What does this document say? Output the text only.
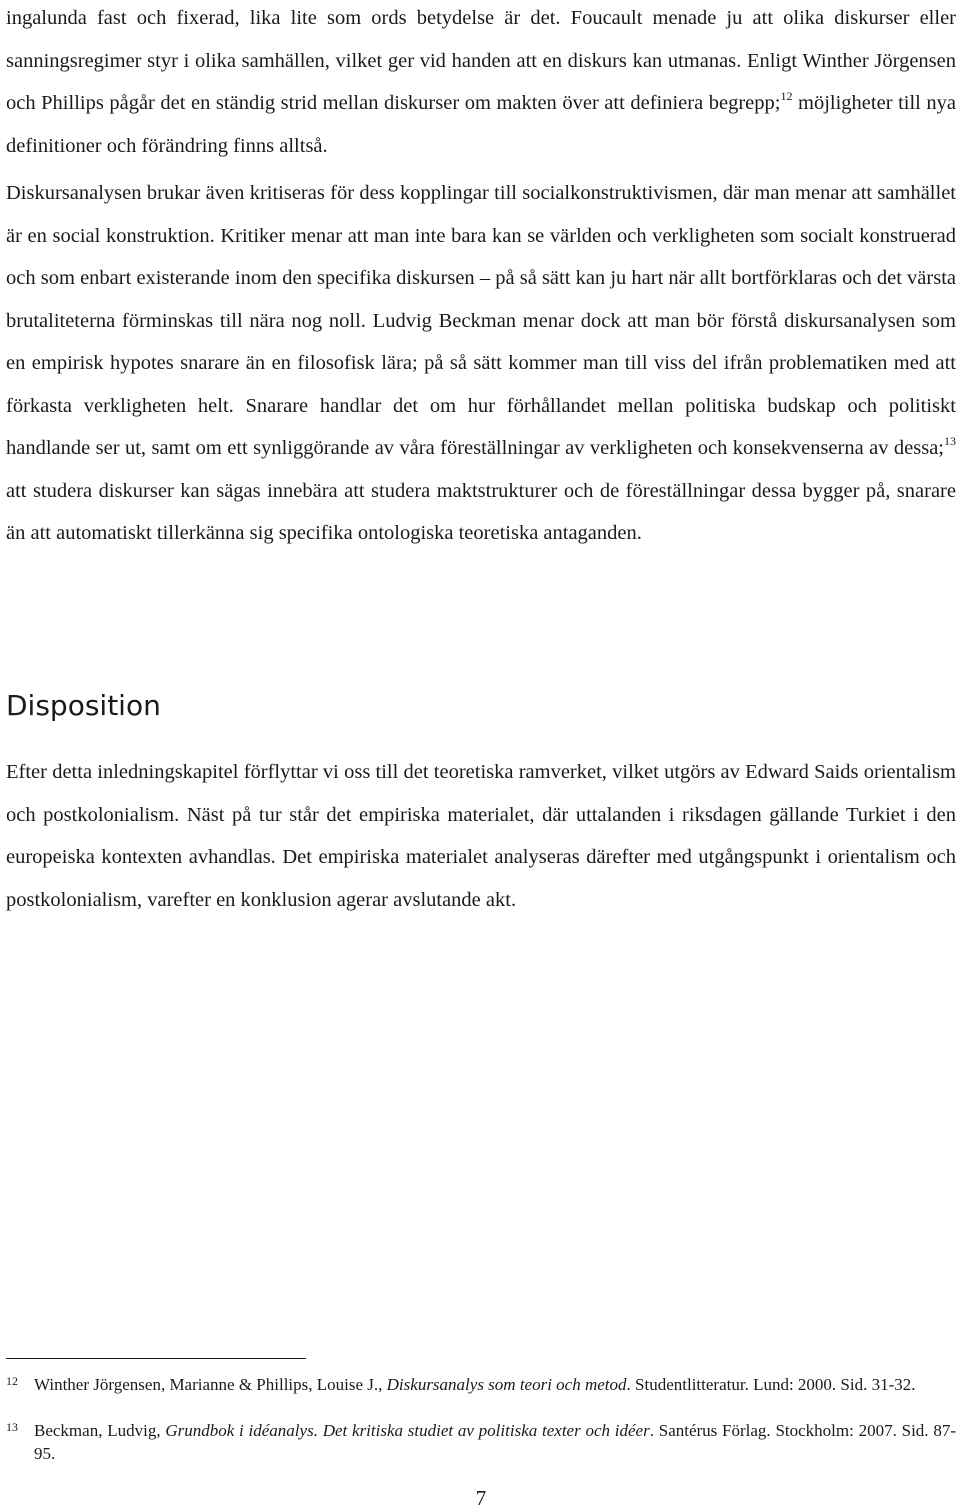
ingalunda fast och fixerad, lika lite som ords betydelse är det. Foucault menade ju att olika diskurser eller sanningsregimer styr i olika samhällen, vilket ger vid handen att en diskurs kan utmanas. Enligt Winther Jörgensen och Phillips pågår det en ständig strid mellan diskurser om makten över att definiera begrepp;$^{12}$ möjligheter till nya definitioner och förändring finns alltså.

Diskursanalysen brukar även kritiseras för dess kopplingar till socialkonstruktivismen, där man menar att samhället är en social konstruktion. Kritiker menar att man inte bara kan se världen och verkligheten som socialt konstruerad och som enbart existerande inom den specifika diskursen – på så sätt kan ju hart när allt bortförklaras och det värsta brutaliteterna förminskas till nära nog noll. Ludvig Beckman menar dock att man bör förstå diskursanalysen som en empirisk hypotes snarare än en filosofisk lära; på så sätt kommer man till viss del ifrån problematiken med att förkasta verkligheten helt. Snarare handlar det om hur förhållandet mellan politiska budskap och politiskt handlande ser ut, samt om ett synliggörande av våra föreställningar av verkligheten och konsekvenserna av dessa;$^{13}$ att studera diskurser kan sägas innebära att studera maktstrukturer och de föreställningar dessa bygger på, snarare än att automatiskt tillerkänna sig specifika ontologiska teoretiska antaganden.

Disposition

Efter detta inledningskapitel förflyttar vi oss till det teoretiska ramverket, vilket utgörs av Edward Saids orientalism och postkolonialism. Näst på tur står det empiriska materialet, där uttalanden i riksdagen gällande Turkiet i den europeiska kontexten avhandlas. Det empiriska materialet analyseras därefter med utgångspunkt i orientalism och postkolonialism, varefter en konklusion agerar avslutande akt.

12 Winther Jörgensen, Marianne & Phillips, Louise J., Diskursanalys som teori och metod. Studentlitteratur. Lund: 2000. Sid. 31-32.
13 Beckman, Ludvig, Grundbok i idéanalys. Det kritiska studiet av politiska texter och idéer. Santérus Förlag. Stockholm: 2007. Sid. 87-95.
7
